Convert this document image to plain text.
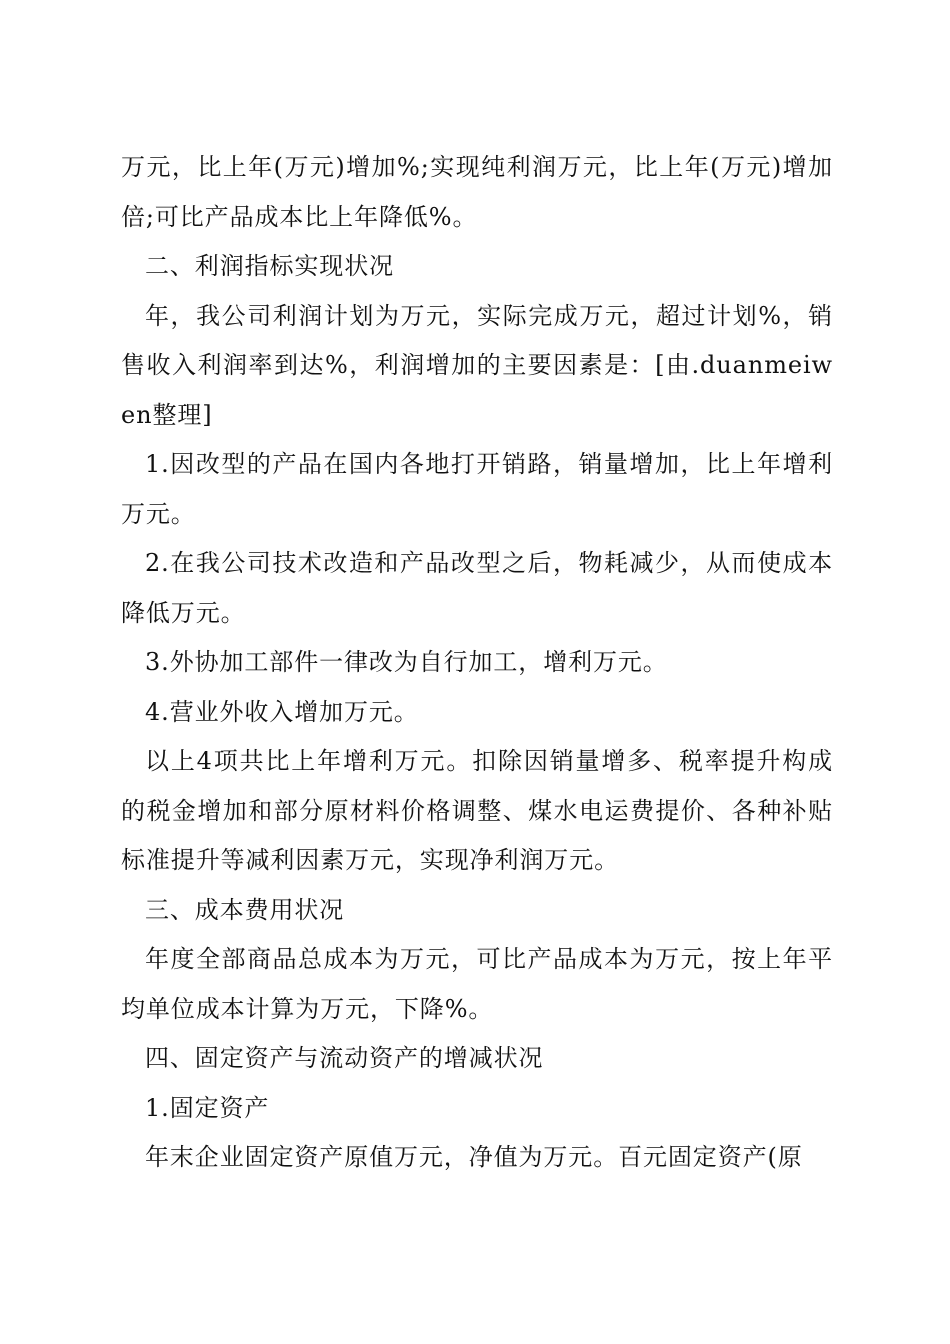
万元，比上年(万元)增加%;实现纯利润万元，比上年(万元)增加倍;可比产品成本比上年降低%。

二、利润指标实现状况

年，我公司利润计划为万元，实际完成万元，超过计划%，销售收入利润率到达%，利润增加的主要因素是：[由.duanmeiwen整理]

1.因改型的产品在国内各地打开销路，销量增加，比上年增利万元。

2.在我公司技术改造和产品改型之后，物耗减少，从而使成本降低万元。

3.外协加工部件一律改为自行加工，增利万元。

4.营业外收入增加万元。

以上4项共比上年增利万元。扣除因销量增多、税率提升构成的税金增加和部分原材料价格调整、煤水电运费提价、各种补贴标准提升等减利因素万元，实现净利润万元。

三、成本费用状况

年度全部商品总成本为万元，可比产品成本为万元，按上年平均单位成本计算为万元，下降%。

四、固定资产与流动资产的增减状况

1.固定资产

年末企业固定资产原值万元，净值为万元。百元固定资产(原
